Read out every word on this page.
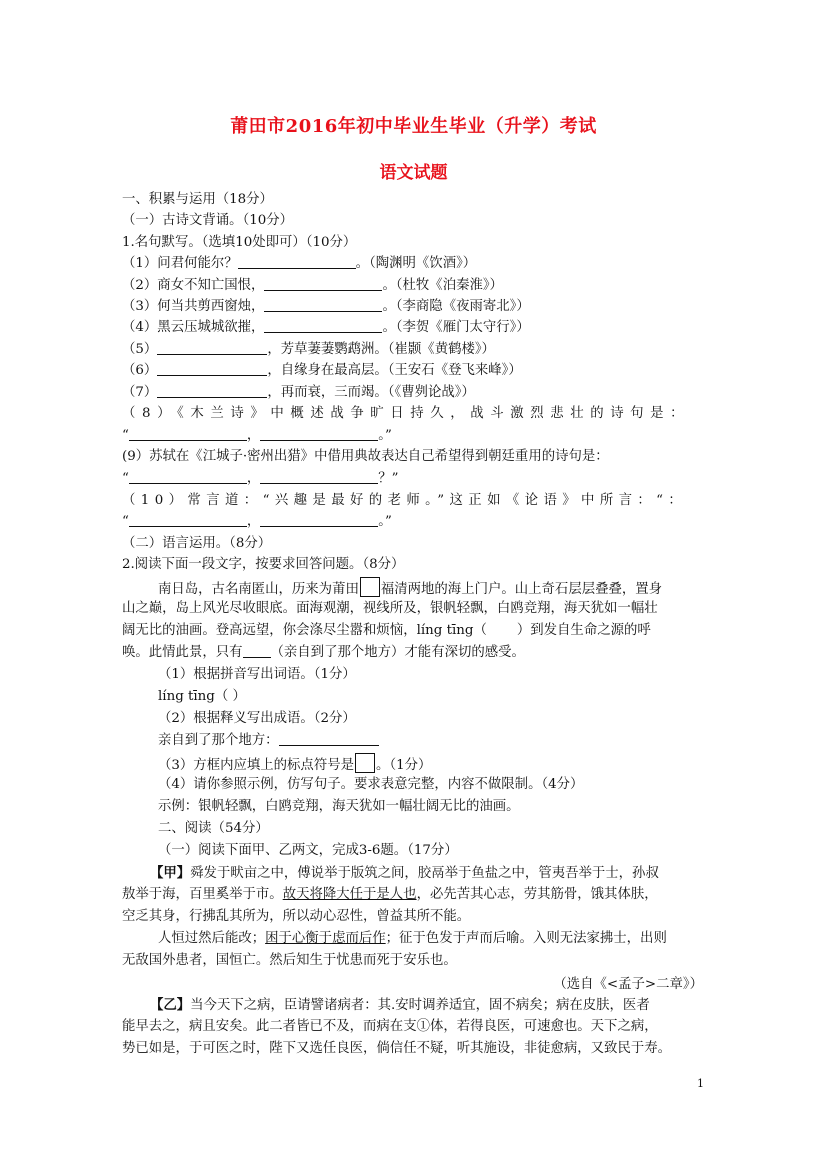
莆田市2016年初中毕业生毕业（升学）考试
语文试题
一、积累与运用（18分）
（一）古诗文背诵。（10分）
1.名句默写。（选填10处即可）（10分）
（1）问君何能尔？	。（陶渊明《饮酒》）
（2）商女不知亡国恨，	。（杜牧《泊秦淮》）
（3）何当共剪西窗烛，	。（李商隐《夜雨寄北》）
（4）黑云压城城欲摧，	。（李贺《雁门太守行》）
（5）	，芳草萋萋鹦鹉洲。（崔颢《黄鹤楼》）
（6）	，自缘身在最高层。（王安石《登飞来峰》）
（7）	，再而衰，三而竭。（《曹刿论战》）
（8）《木兰诗》中概述战争旷日持久，战斗激烈悲壮的诗句是：
“	，	。”
(9）苏轼在《江城子·密州出猎》中借用典故表达自己希望得到朝廷重用的诗句是：
“	，	？”
（10）常言道：“兴趣是最好的老师。”这正如《论语》中所言：“：
“	，	。”
（二）语言运用。（8分）
2.阅读下面一段文字，按要求回答问题。（8分）
南日岛，古名南匿山，历来为莆田 福清两地的海上门户。山上奇石层层叠叠，置身
山之巅，岛上风光尽收眼底。面海观潮，视线所及，银帆轻飘，白鸥竞翔，海天犹如一幅壮
阔无比的油画。登高远望，你会涤尽尘嚣和烦恼，líng tīng（ ）到发自生命之源的呼
唤。此情此景，只有 （亲自到了那个地方）才能有深切的感受。
（1）根据拼音写出词语。（1分）
líng tīng（ ）
（2）根据释义写出成语。（2分）
亲自到了那个地方：
（3）方框内应填上的标点符号是 。（1分）
（4）请你参照示例，仿写句子。要求表意完整，内容不做限制。（4分）
示例：银帆轻飘，白鸥竞翔，海天犹如一幅壮阔无比的油画。
二、阅读（54分）
（一）阅读下面甲、乙两文，完成3-6题。（17分）
【甲】舜发于畎亩之中，傅说举于版筑之间，胶鬲举于鱼盐之中，管夷吾举于士，孙叔
敖举于海，百里奚举于市。故天将降大任于是人也，必先苦其心志，劳其筋骨，饿其体肤，
空乏其身，行拂乱其所为，所以动心忍性，曾益其所不能。
人恒过然后能改；困于心衡于虑而后作；征于色发于声而后喻。入则无法家拂士，出则
无敌国外患者，国恒亡。然后知生于忧患而死于安乐也。
（选自《<孟子>二章》）
【乙】当今天下之病，臣请譬诸病者：其.安时调养适宜，固不病矣；病在皮肤，医者
能早去之，病且安矣。此二者皆已不及，而病在支①体，若得良医，可速愈也。天下之病，
势已如是，于可医之时，陛下又选任良医，倘信任不疑，听其施设，非徒愈病，又致民于寿。
1
